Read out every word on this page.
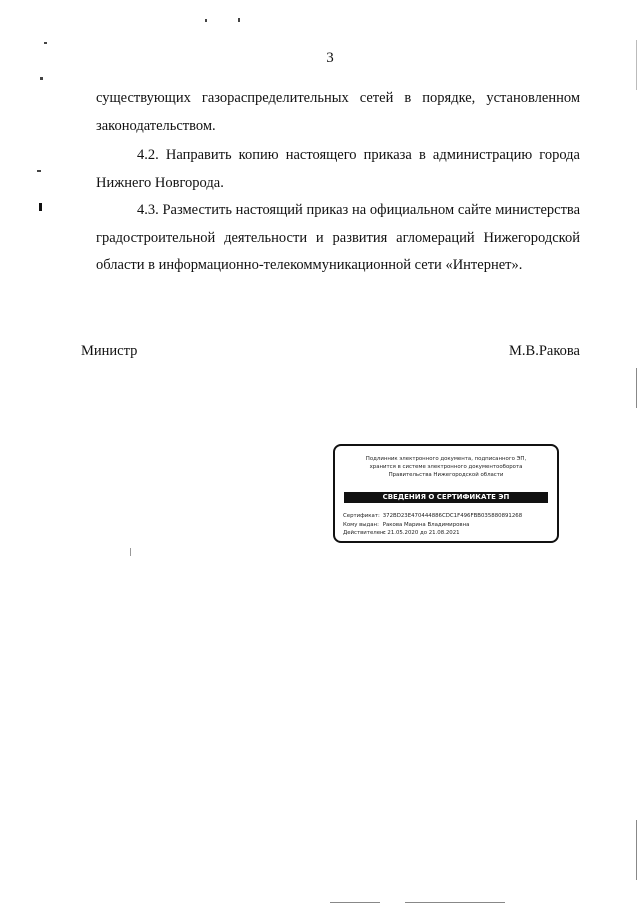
3

существующих газораспределительных сетей в порядке, установленном законодательством.

4.2. Направить копию настоящего приказа в администрацию города Нижнего Новгорода.

4.3. Разместить настоящий приказ на официальном сайте министерства градостроительной деятельности и развития агломераций Нижегородской области в информационно-телекоммуникационной сети «Интернет».

Министр	М.В.Ракова
Подлинник электронного документа, подписанного ЭП,
хранится в системе электронного документооборота
Правительства Нижегородской области
СВЕДЕНИЯ О СЕРТИФИКАТЕ ЭП
Сертификат: 372BD23E470444886CDC1F496FBB035880891268
Кому выдан: Ракова Марина Владимировна
Действителен: с 21.05.2020 до 21.08.2021
